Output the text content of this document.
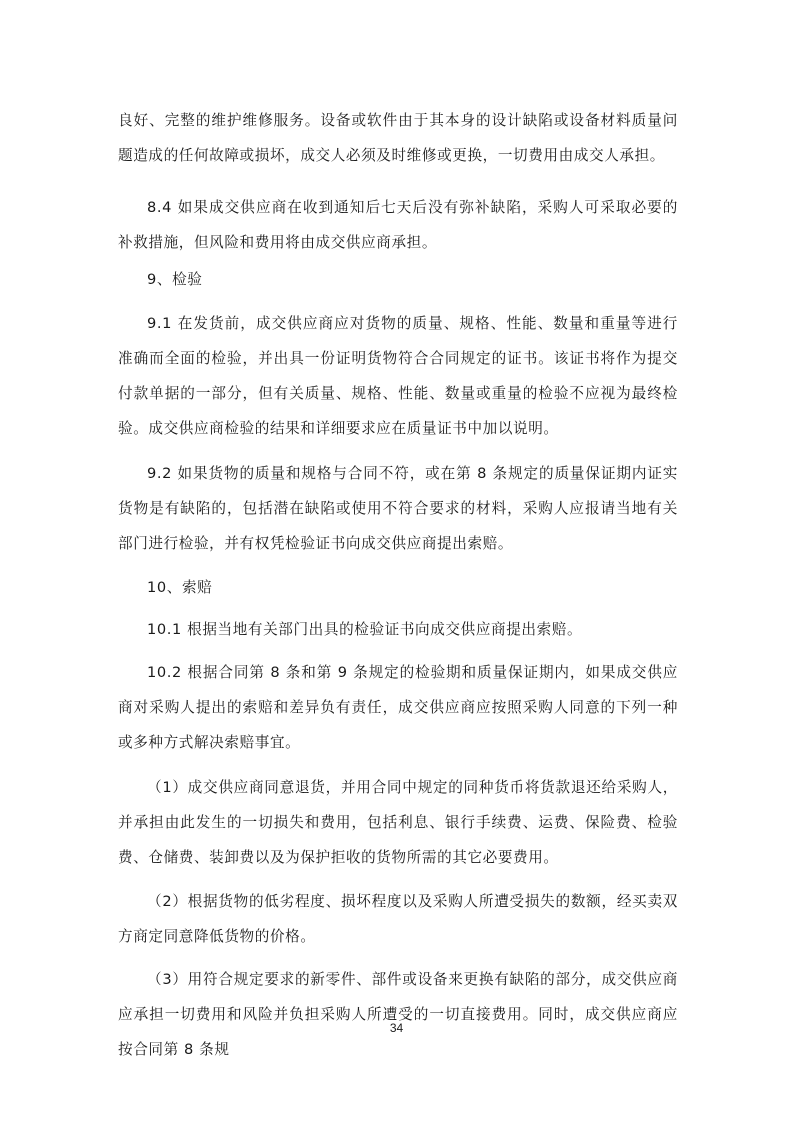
良好、完整的维护维修服务。设备或软件由于其本身的设计缺陷或设备材料质量问题造成的任何故障或损坏，成交人必须及时维修或更换，一切费用由成交人承担。

8.4 如果成交供应商在收到通知后七天后没有弥补缺陷，采购人可采取必要的补救措施，但风险和费用将由成交供应商承担。

9、检验

9.1 在发货前，成交供应商应对货物的质量、规格、性能、数量和重量等进行准确而全面的检验，并出具一份证明货物符合合同规定的证书。该证书将作为提交付款单据的一部分，但有关质量、规格、性能、数量或重量的检验不应视为最终检验。成交供应商检验的结果和详细要求应在质量证书中加以说明。

9.2 如果货物的质量和规格与合同不符，或在第 8 条规定的质量保证期内证实货物是有缺陷的，包括潜在缺陷或使用不符合要求的材料，采购人应报请当地有关部门进行检验，并有权凭检验证书向成交供应商提出索赔。

10、索赔

10.1 根据当地有关部门出具的检验证书向成交供应商提出索赔。

10.2 根据合同第 8 条和第 9 条规定的检验期和质量保证期内，如果成交供应商对采购人提出的索赔和差异负有责任，成交供应商应按照采购人同意的下列一种或多种方式解决索赔事宜。

（1）成交供应商同意退货，并用合同中规定的同种货币将货款退还给采购人，并承担由此发生的一切损失和费用，包括利息、银行手续费、运费、保险费、检验费、仓储费、装卸费以及为保护拒收的货物所需的其它必要费用。

（2）根据货物的低劣程度、损坏程度以及采购人所遭受损失的数额，经买卖双方商定同意降低货物的价格。

（3）用符合规定要求的新零件、部件或设备来更换有缺陷的部分，成交供应商应承担一切费用和风险并负担采购人所遭受的一切直接费用。同时，成交供应商应按合同第 8 条规

34
